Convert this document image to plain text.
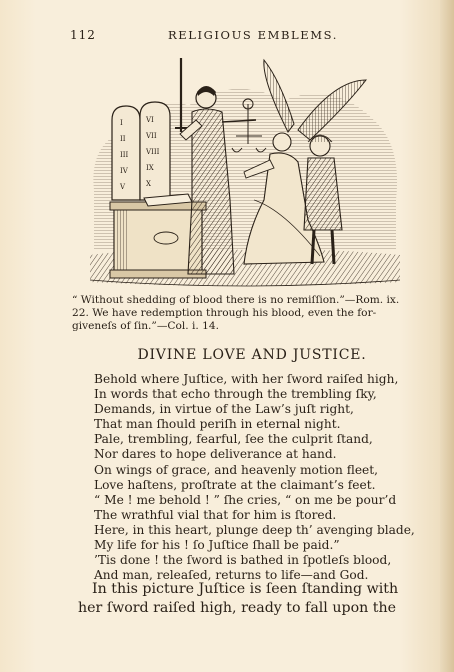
112	RELIGIOUS EMBLEMS.
I
II
III
IV
V
VI
VII
VIII
IX
X

“ Without shedding of blood there is no remiſſion.”—Rom. ix.

22. We have redemption through his blood, even the for-

giveneſs of ſin.”—Col. i. 14.

DIVINE LOVE AND JUSTICE.
Behold where Juſtice, with her ſword raiſed high,
In words that echo through the trembling ſky,
Demands, in virtue of the Law’s juſt right,
That man ſhould periſh in eternal night.
Pale, trembling, fearful, ſee the culprit ſtand,
Nor dares to hope deliverance at hand.
On wings of grace, and heavenly motion fleet,
Love haſtens, proſtrate at the claimant’s feet.
“ Me ! me behold ! ” ſhe cries, “ on me be pour’d
The wrathful vial that for him is ſtored.
Here, in this heart, plunge deep th’ avenging blade,
My life for his ! ſo Juſtice ſhall be paid.”
’Tis done ! the ſword is bathed in ſpotleſs blood,
And man, releaſed, returns to life—and God.

In this picture Juſtice is ſeen ſtanding with

her ſword raiſed high, ready to fall upon the
